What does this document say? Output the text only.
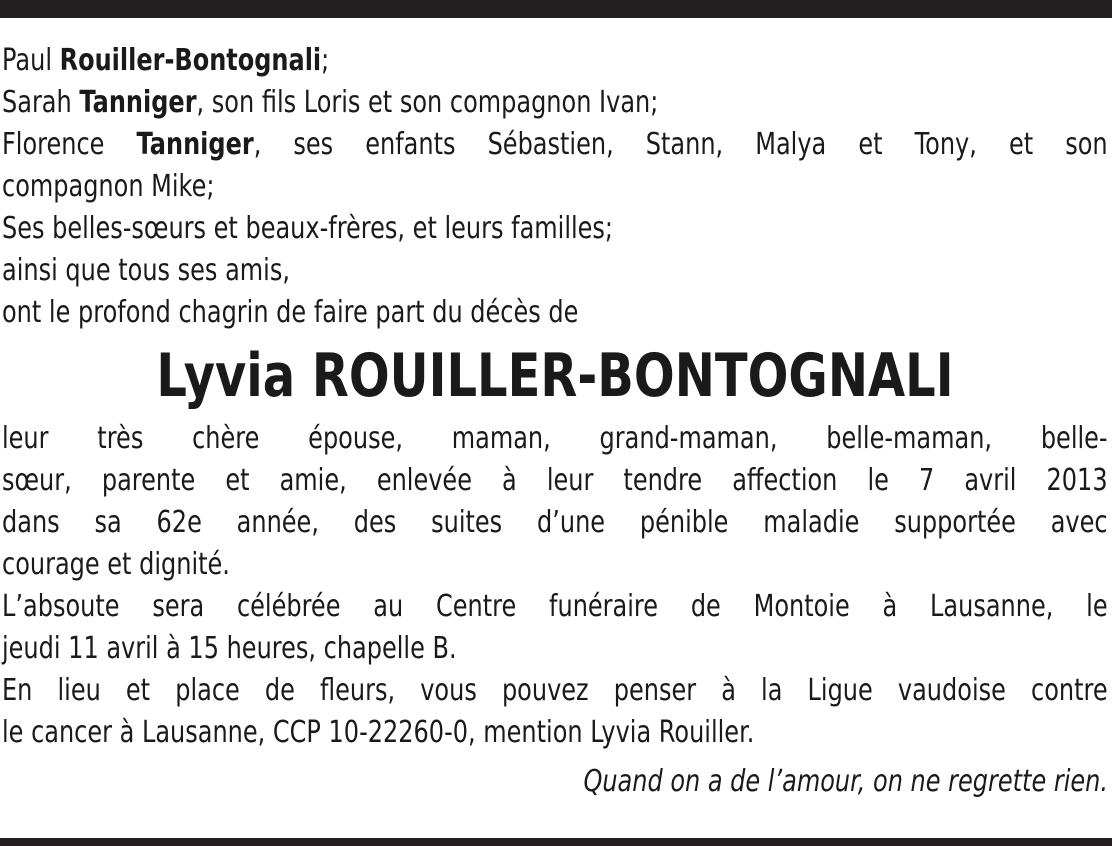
Paul Rouiller-Bontognali;
Sarah Tanniger, son fils Loris et son compagnon Ivan;
Florence Tanniger, ses enfants Sébastien, Stann, Malya et Tony, et son
compagnon Mike;
Ses belles-sœurs et beaux-frères, et leurs familles;
ainsi que tous ses amis,
ont le profond chagrin de faire part du décès de
Lyvia ROUILLER-BONTOGNALI
leur très chère épouse, maman, grand-maman, belle-maman, belle-
sœur, parente et amie, enlevée à leur tendre affection le 7 avril 2013
dans sa 62e année, des suites d’une pénible maladie supportée avec
courage et dignité.
L’absoute sera célébrée au Centre funéraire de Montoie à Lausanne, le
jeudi 11 avril à 15 heures, chapelle B.
En lieu et place de fleurs, vous pouvez penser à la Ligue vaudoise contre
le cancer à Lausanne, CCP 10-22260-0, mention Lyvia Rouiller.
Quand on a de l’amour, on ne regrette rien.
